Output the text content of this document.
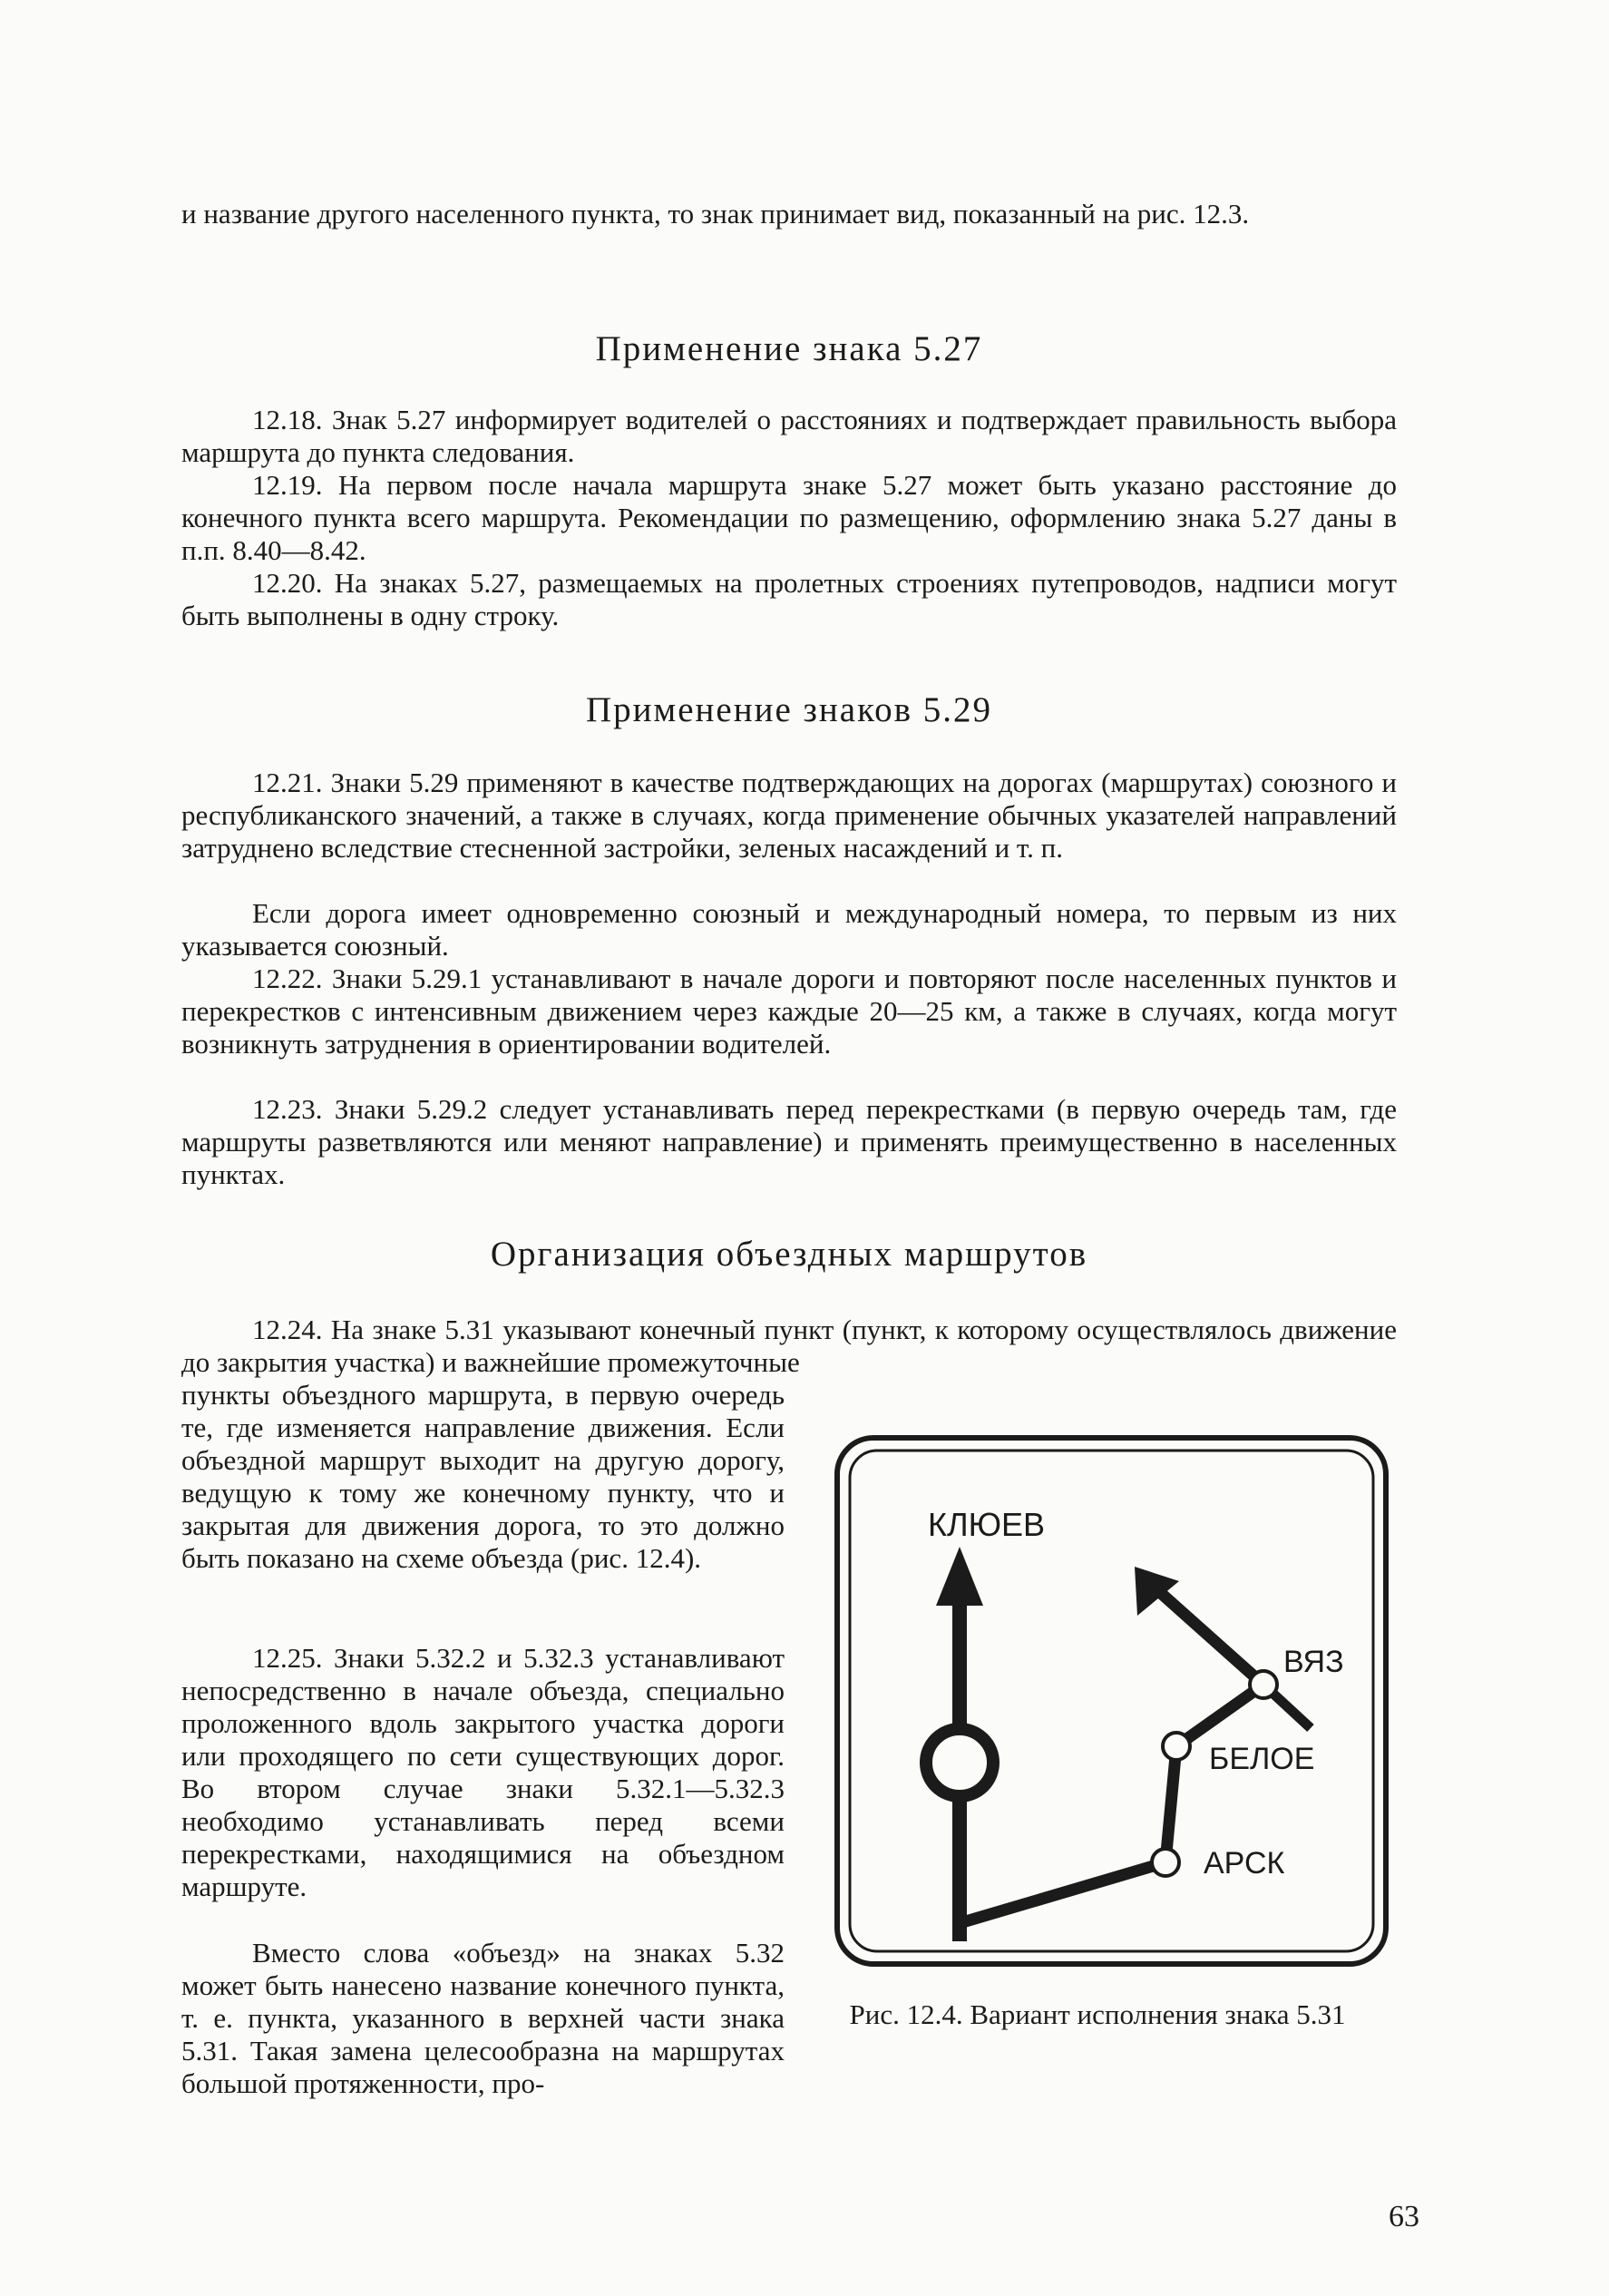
и название другого населенного пункта, то знак принимает вид, показанный на рис. 12.3.

Применение знака 5.27

12.18. Знак 5.27 информирует водителей о расстояниях и подтверждает правильность выбора маршрута до пункта следования.

12.19. На первом после начала маршрута знаке 5.27 может быть указано расстояние до конечного пункта всего маршрута. Рекомендации по размещению, оформлению знака 5.27 даны в п.п. 8.40—8.42.

12.20. На знаках 5.27, размещаемых на пролетных строениях путепроводов, надписи могут быть выполнены в одну строку.

Применение знаков 5.29

12.21. Знаки 5.29 применяют в качестве подтверждающих на дорогах (маршрутах) союзного и республиканского значений, а также в случаях, когда применение обычных указателей направлений затруднено вследствие стесненной застройки, зеленых насаждений и т. п.

Если дорога имеет одновременно союзный и международный номера, то первым из них указывается союзный.

12.22. Знаки 5.29.1 устанавливают в начале дороги и повторяют после населенных пунктов и перекрестков с интенсивным движением через каждые 20—25 км, а также в случаях, когда могут возникнуть затруднения в ориентировании водителей.

12.23. Знаки 5.29.2 следует устанавливать перед перекрестками (в первую очередь там, где маршруты разветвляются или меняют направление) и применять преимущественно в населенных пунктах.

Организация объездных маршрутов

12.24. На знаке 5.31 указывают конечный пункт (пункт, к которому осуществлялось движение до закрытия участка) и важнейшие промежуточные

пункты объездного маршрута, в первую очередь те, где изменяется направление движения. Если объездной маршрут выходит на другую дорогу, ведущую к тому же конечному пункту, что и закрытая для движения дорога, то это должно быть показано на схеме объезда (рис. 12.4).

12.25. Знаки 5.32.2 и 5.32.3 устанавливают непосредственно в начале объезда, специально проложенного вдоль закрытого участка дороги или проходящего по сети существующих дорог. Во втором случае знаки 5.32.1—5.32.3 необходимо устанавливать перед всеми перекрестками, находящимися на объездном маршруте.

Вместо слова «объезд» на знаках 5.32 может быть нанесено название конечного пункта, т. е. пункта, указанного в верхней части знака 5.31. Такая замена целесообразна на маршрутах большой протяженности, про-

КЛЮЕВ
ВЯЗ
БЕЛОЕ
АРСК

Рис. 12.4. Вариант исполнения знака 5.31

63
